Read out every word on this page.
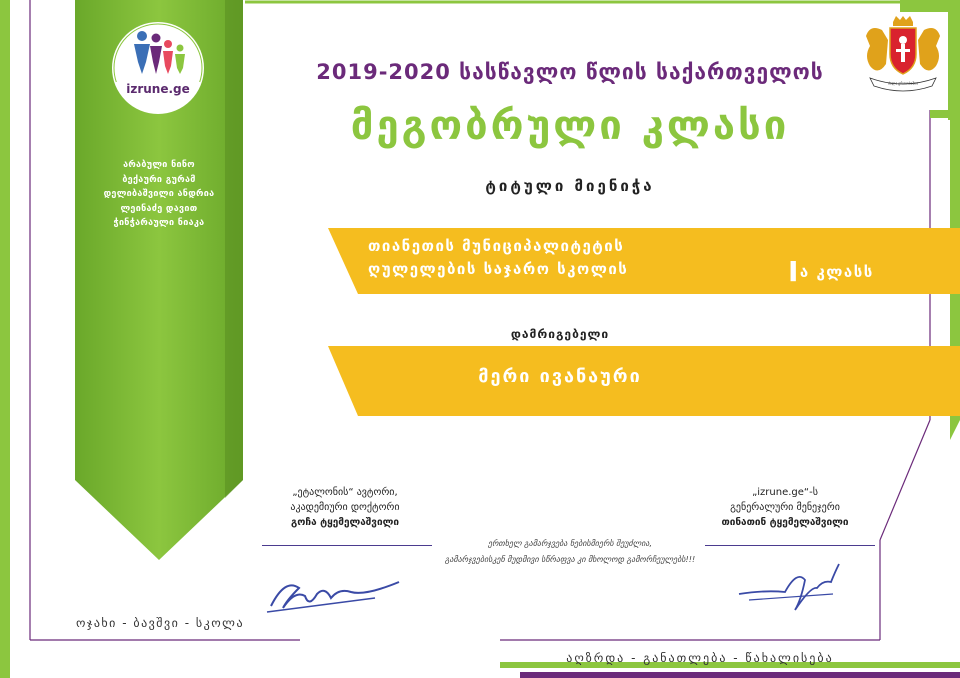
izrune.ge
არაბული ნინო
ბექაური გურამ
დელიბაშვილი ანდრია
ლეინაძე დავით
ჭინჭარაული ნიაკა
ძალა ერთობაშია
2019-2020 სასწავლო წლის საქართველოს
მეგობრული კლასი
ტიტული მიენიჭა
თიანეთის მუნიციპალიტეტის
ღულელების საჯარო სკოლის	Iა კლასს
დამრიგებელი
მერი ივანაური
„ეტალონის“ ავტორი,
აკადემიური დოქტორი
გოჩა ტყემელაშვილი
„izrune.ge“-ს
გენერალური მენეჯერი
თინათინ ტყემელაშვილი
ერთხელ გამარჯვება ნებისმიერს შეუძლია,
გამარჯვებისკენ მუდმივი სწრაფვა კი მხოლოდ გამორჩეულებს!!!
ოჯახი - ბავშვი - სკოლა
აღზრდა - განათლება - წახალისება
